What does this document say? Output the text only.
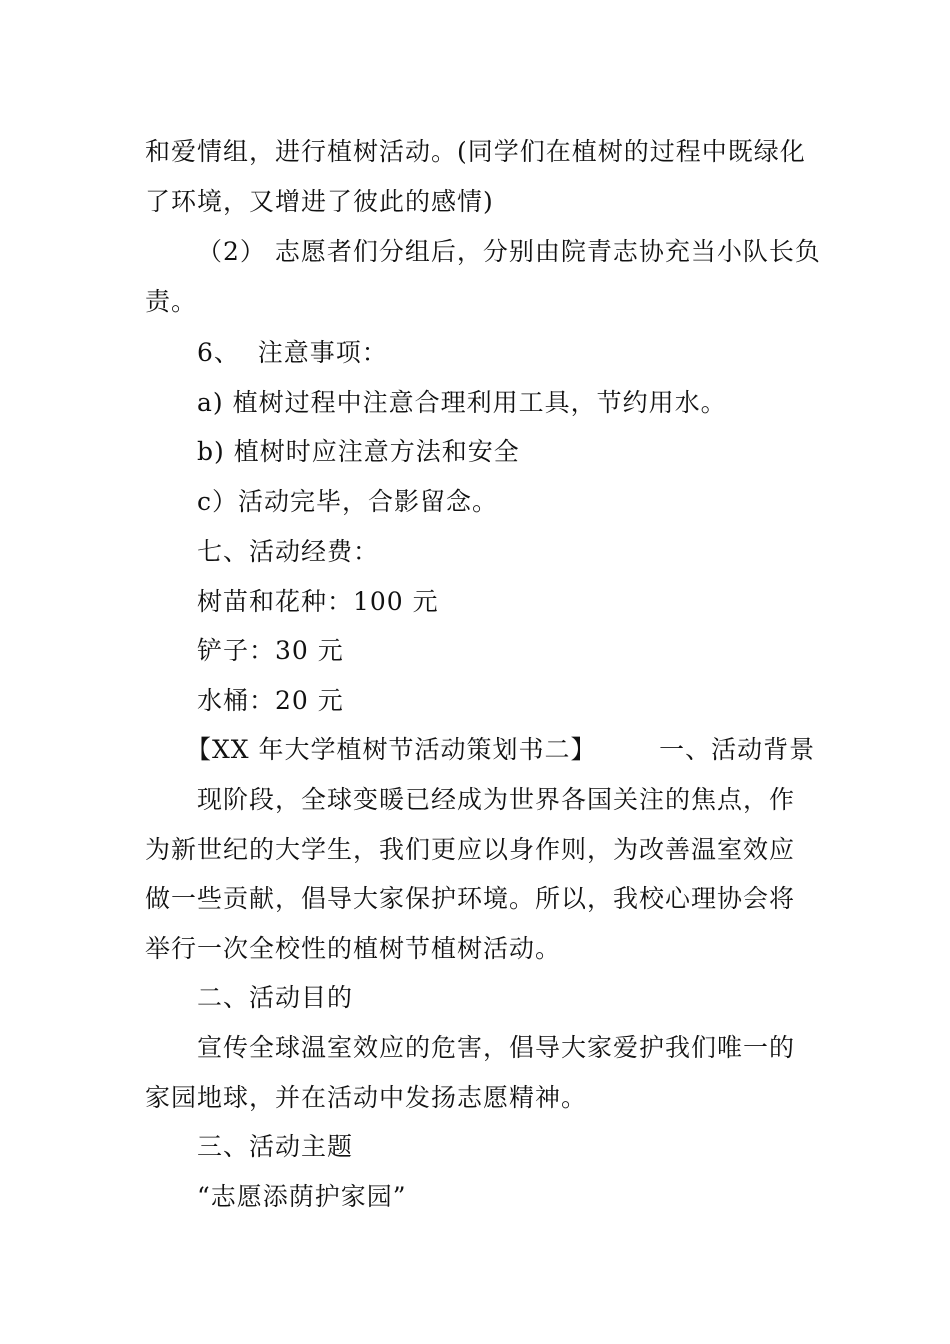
和爱情组，进行植树活动。(同学们在植树的过程中既绿化
了环境，又增进了彼此的感情)
（2） 志愿者们分组后，分别由院青志协充当小队长负
责。
6、  注意事项：
a) 植树过程中注意合理利用工具，节约用水。
b) 植树时应注意方法和安全
c）活动完毕，合影留念。
七、活动经费：
树苗和花种：100 元
铲子：30 元
水桶：20 元
【XX 年大学植树节活动策划书二】       一、活动背景
现阶段，全球变暖已经成为世界各国关注的焦点，作
为新世纪的大学生，我们更应以身作则，为改善温室效应
做一些贡献，倡导大家保护环境。所以，我校心理协会将
举行一次全校性的植树节植树活动。
二、活动目的
宣传全球温室效应的危害，倡导大家爱护我们唯一的
家园地球，并在活动中发扬志愿精神。
三、活动主题
“志愿添荫护家园”
